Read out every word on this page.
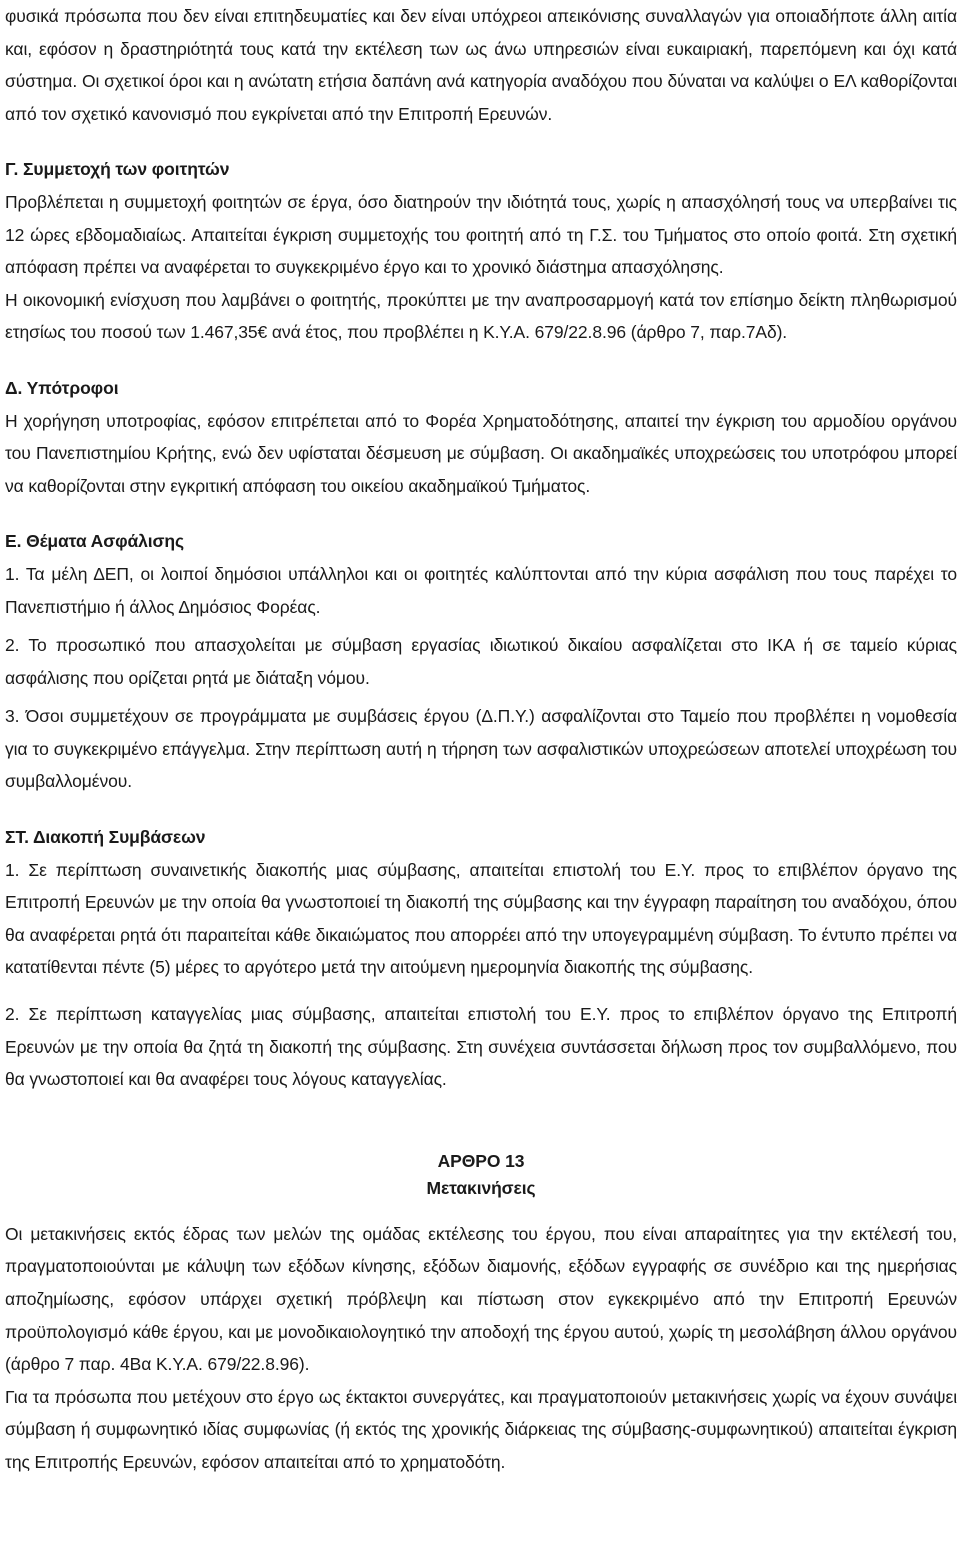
φυσικά πρόσωπα που δεν είναι επιτηδευματίες και δεν είναι υπόχρεοι απεικόνισης συναλλαγών για οποιαδήποτε άλλη αιτία και, εφόσον η δραστηριότητά τους κατά την εκτέλεση των ως άνω υπηρεσιών είναι ευκαιριακή, παρεπόμενη και όχι κατά σύστημα. Οι σχετικοί όροι και η ανώτατη ετήσια δαπάνη ανά κατηγορία αναδόχου που δύναται να καλύψει ο ΕΛ καθορίζονται από τον σχετικό κανονισμό που εγκρίνεται από την Επιτροπή Ερευνών.

Γ. Συμμετοχή των φοιτητών

Προβλέπεται η συμμετοχή φοιτητών σε έργα, όσο διατηρούν την ιδιότητά τους, χωρίς η απασχόλησή τους να υπερβαίνει τις 12 ώρες εβδομαδιαίως. Απαιτείται έγκριση συμμετοχής του φοιτητή από τη Γ.Σ. του Τμήματος στο οποίο φοιτά. Στη σχετική απόφαση πρέπει να αναφέρεται το συγκεκριμένο έργο και το χρονικό διάστημα απασχόλησης.

Η οικονομική ενίσχυση που λαμβάνει ο φοιτητής, προκύπτει με την αναπροσαρμογή κατά τον επίσημο δείκτη πληθωρισμού ετησίως του ποσού των 1.467,35€ ανά έτος, που προβλέπει η Κ.Υ.Α. 679/22.8.96 (άρθρο 7, παρ.7Αδ).

Δ. Υπότροφοι

Η χορήγηση υποτροφίας, εφόσον επιτρέπεται από το Φορέα Χρηματοδότησης, απαιτεί την έγκριση του αρμοδίου οργάνου του Πανεπιστημίου Κρήτης, ενώ δεν υφίσταται δέσμευση με σύμβαση. Οι ακαδημαϊκές υποχρεώσεις του υποτρόφου μπορεί να καθορίζονται στην εγκριτική απόφαση του οικείου ακαδημαϊκού Τμήματος.

Ε. Θέματα Ασφάλισης

1. Τα μέλη ΔΕΠ, οι λοιποί δημόσιοι υπάλληλοι και οι φοιτητές καλύπτονται από την κύρια ασφάλιση που τους παρέχει το Πανεπιστήμιο ή άλλος Δημόσιος Φορέας.

2. Το προσωπικό που απασχολείται με σύμβαση εργασίας ιδιωτικού δικαίου ασφαλίζεται στο ΙΚΑ ή σε ταμείο κύριας ασφάλισης που ορίζεται ρητά με διάταξη νόμου.

3. Όσοι συμμετέχουν σε προγράμματα με συμβάσεις έργου (Δ.Π.Υ.) ασφαλίζονται στο Ταμείο που προβλέπει η νομοθεσία για το συγκεκριμένο επάγγελμα. Στην περίπτωση αυτή η τήρηση των ασφαλιστικών υποχρεώσεων αποτελεί υποχρέωση του συμβαλλομένου.

ΣΤ. Διακοπή Συμβάσεων

1. Σε περίπτωση συναινετικής διακοπής μιας σύμβασης, απαιτείται επιστολή του Ε.Υ. προς το επιβλέπον όργανο της Επιτροπή Ερευνών με την οποία θα γνωστοποιεί τη διακοπή της σύμβασης και την έγγραφη παραίτηση του αναδόχου, όπου θα αναφέρεται ρητά ότι παραιτείται κάθε δικαιώματος που απορρέει από την υπογεγραμμένη σύμβαση. Το έντυπο πρέπει να κατατίθενται πέντε (5) μέρες το αργότερο μετά την αιτούμενη ημερομηνία διακοπής της σύμβασης.

2. Σε περίπτωση καταγγελίας μιας σύμβασης, απαιτείται επιστολή του Ε.Υ. προς το επιβλέπον όργανο της Επιτροπή Ερευνών με την οποία θα ζητά τη διακοπή της σύμβασης. Στη συνέχεια συντάσσεται δήλωση προς τον συμβαλλόμενο, που θα γνωστοποιεί και θα αναφέρει τους λόγους καταγγελίας.

ΑΡΘΡΟ 13

Μετακινήσεις

Οι μετακινήσεις εκτός έδρας των μελών της ομάδας εκτέλεσης του έργου, που είναι απαραίτητες για την εκτέλεσή του, πραγματοποιούνται με κάλυψη των εξόδων κίνησης, εξόδων διαμονής, εξόδων εγγραφής σε συνέδριο και της ημερήσιας αποζημίωσης, εφόσον υπάρχει σχετική πρόβλεψη και πίστωση στον εγκεκριμένο από την Επιτροπή Ερευνών προϋπολογισμό κάθε έργου, και με μονοδικαιολογητικό την αποδοχή της έργου αυτού, χωρίς τη μεσολάβηση άλλου οργάνου (άρθρο 7 παρ. 4Βα Κ.Υ.Α. 679/22.8.96).

Για τα πρόσωπα που μετέχουν στο έργο ως έκτακτοι συνεργάτες, και πραγματοποιούν μετακινήσεις χωρίς να έχουν συνάψει σύμβαση ή συμφωνητικό ιδίας συμφωνίας (ή εκτός της χρονικής διάρκειας της σύμβασης-συμφωνητικού) απαιτείται έγκριση της Επιτροπής Ερευνών, εφόσον απαιτείται από το χρηματοδότη.
